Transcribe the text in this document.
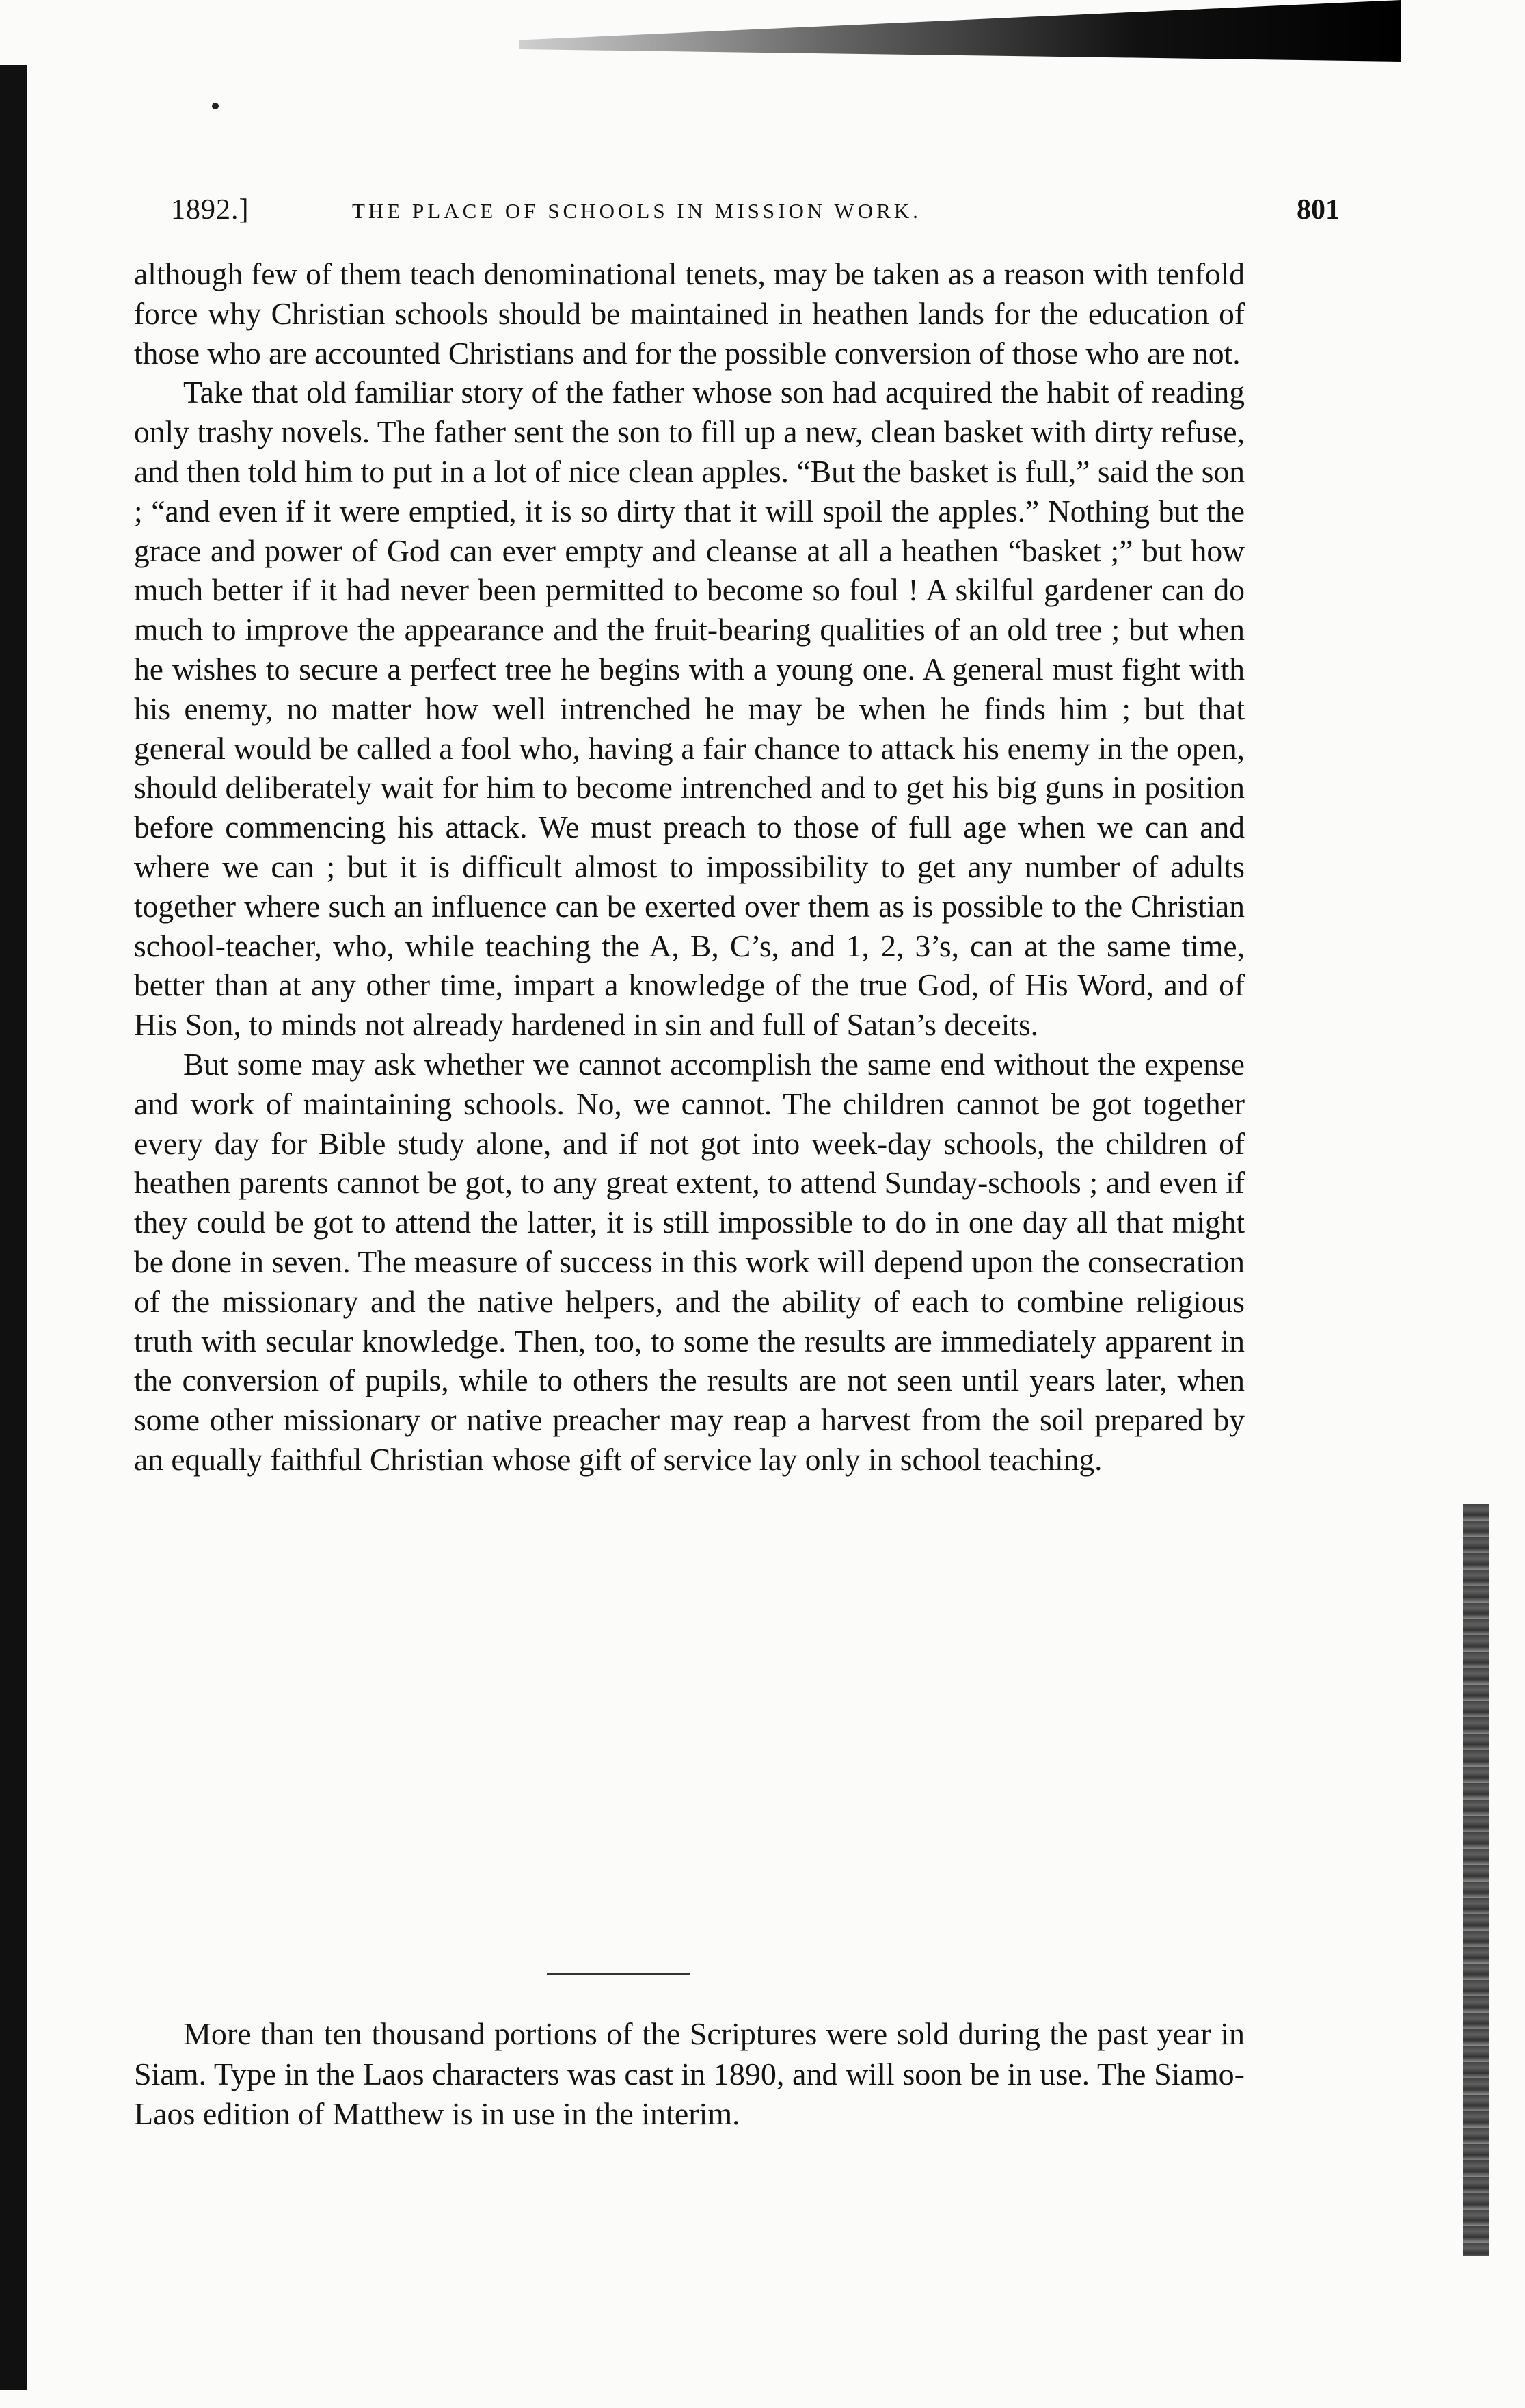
1892.]	THE PLACE OF SCHOOLS IN MISSION WORK.	801

although few of them teach denominational tenets, may be taken as a reason with tenfold force why Christian schools should be maintained in heathen lands for the education of those who are accounted Christians and for the possible conversion of those who are not.

Take that old familiar story of the father whose son had acquired the habit of reading only trashy novels. The father sent the son to fill up a new, clean basket with dirty refuse, and then told him to put in a lot of nice clean apples. “But the basket is full,” said the son ; “and even if it were emptied, it is so dirty that it will spoil the apples.” Nothing but the grace and power of God can ever empty and cleanse at all a heathen “basket ;” but how much better if it had never been permitted to become so foul ! A skilful gardener can do much to improve the appearance and the fruit-bearing qualities of an old tree ; but when he wishes to secure a perfect tree he begins with a young one. A general must fight with his enemy, no matter how well intrenched he may be when he finds him ; but that general would be called a fool who, having a fair chance to attack his enemy in the open, should deliberately wait for him to become intrenched and to get his big guns in position before commencing his attack. We must preach to those of full age when we can and where we can ; but it is difficult almost to impossibility to get any number of adults together where such an influence can be exerted over them as is possible to the Christian school-teacher, who, while teaching the A, B, C’s, and 1, 2, 3’s, can at the same time, better than at any other time, impart a knowledge of the true God, of His Word, and of His Son, to minds not already hardened in sin and full of Satan’s deceits.

But some may ask whether we cannot accomplish the same end without the expense and work of maintaining schools. No, we cannot. The children cannot be got together every day for Bible study alone, and if not got into week-day schools, the children of heathen parents cannot be got, to any great extent, to attend Sunday-schools ; and even if they could be got to attend the latter, it is still impossible to do in one day all that might be done in seven. The measure of success in this work will depend upon the consecration of the missionary and the native helpers, and the ability of each to combine religious truth with secular knowledge. Then, too, to some the results are immediately apparent in the conversion of pupils, while to others the results are not seen until years later, when some other missionary or native preacher may reap a harvest from the soil prepared by an equally faithful Christian whose gift of service lay only in school teaching.

More than ten thousand portions of the Scriptures were sold during the past year in Siam. Type in the Laos characters was cast in 1890, and will soon be in use. The Siamo-Laos edition of Matthew is in use in the interim.
